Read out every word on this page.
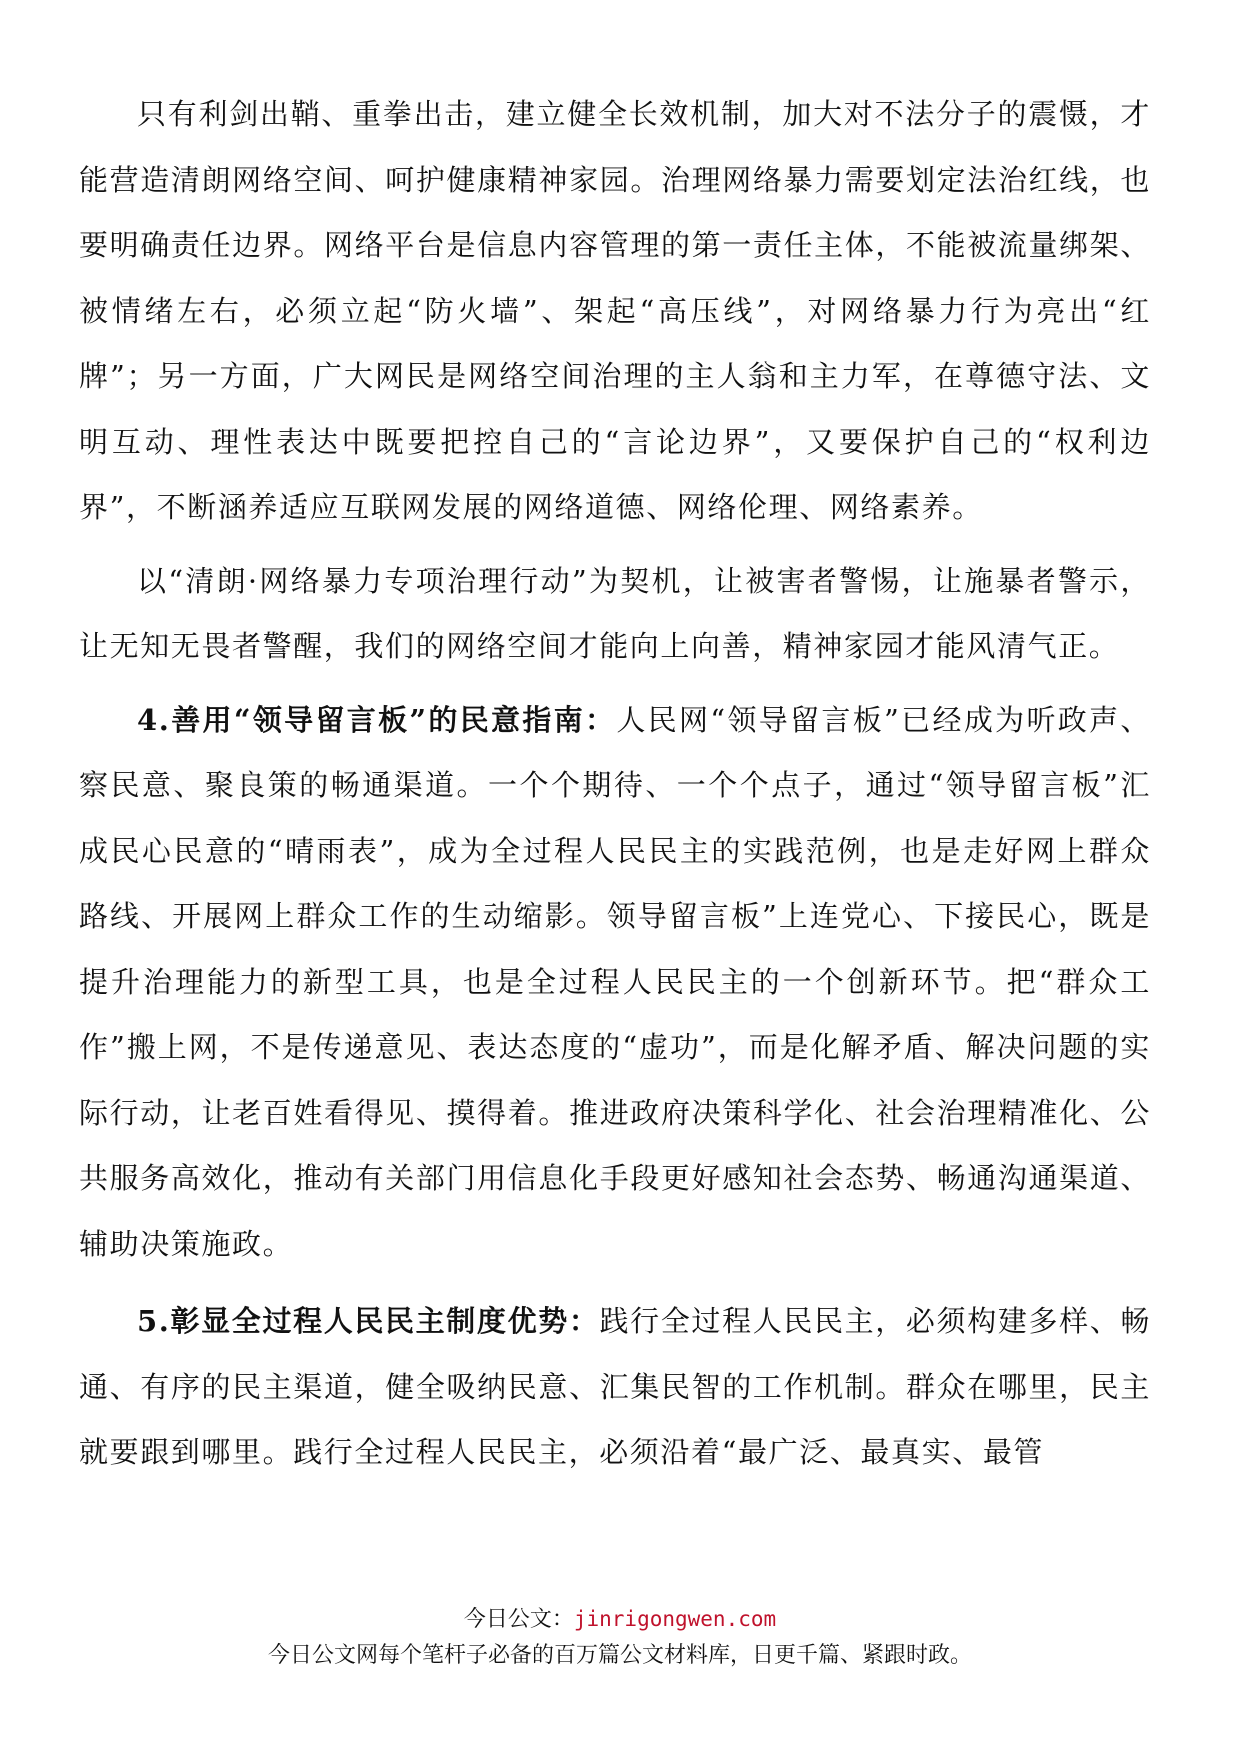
只有利剑出鞘、重拳出击，建立健全长效机制，加大对不法分子的震慑，才能营造清朗网络空间、呵护健康精神家园。治理网络暴力需要划定法治红线，也要明确责任边界。网络平台是信息内容管理的第一责任主体，不能被流量绑架、被情绪左右，必须立起“防火墙”、架起“高压线”，对网络暴力行为亮出“红牌”；另一方面，广大网民是网络空间治理的主人翁和主力军，在尊德守法、文明互动、理性表达中既要把控自己的“言论边界”，又要保护自己的“权利边界”，不断涵养适应互联网发展的网络道德、网络伦理、网络素养。

以“清朗·网络暴力专项治理行动”为契机，让被害者警惕，让施暴者警示，让无知无畏者警醒，我们的网络空间才能向上向善，精神家园才能风清气正。

4.善用“领导留言板”的民意指南：人民网“领导留言板”已经成为听政声、察民意、聚良策的畅通渠道。一个个期待、一个个点子，通过“领导留言板”汇成民心民意的“晴雨表”，成为全过程人民民主的实践范例，也是走好网上群众路线、开展网上群众工作的生动缩影。领导留言板”上连党心、下接民心，既是提升治理能力的新型工具，也是全过程人民民主的一个创新环节。把“群众工作”搬上网，不是传递意见、表达态度的“虚功”，而是化解矛盾、解决问题的实际行动，让老百姓看得见、摸得着。推进政府决策科学化、社会治理精准化、公共服务高效化，推动有关部门用信息化手段更好感知社会态势、畅通沟通渠道、辅助决策施政。

5.彰显全过程人民民主制度优势：践行全过程人民民主，必须构建多样、畅通、有序的民主渠道，健全吸纳民意、汇集民智的工作机制。群众在哪里，民主就要跟到哪里。践行全过程人民民主，必须沿着“最广泛、最真实、最管

今日公文：jinrigongwen.com
今日公文网每个笔杆子必备的百万篇公文材料库，日更千篇、紧跟时政。
